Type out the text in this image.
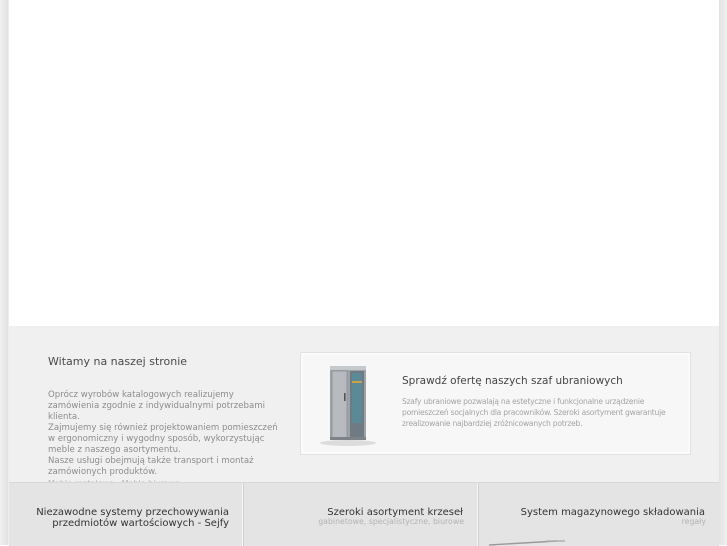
Witamy na naszej stronie

Oprócz wyrobów katalogowych realizujemy zamówienia zgodnie z indywidualnymi potrzebami klienta.

Zajmujemy się również projektowaniem pomieszczeń w ergonomiczny i wygodny sposób, wykorzystując meble z naszego asortymentu.

Nasze usługi obejmują także transport i montaż zamówionych produktów.

Sprawdź ofertę naszych szaf ubraniowych
Szafy ubraniowe pozwalają na estetyczne i funkcjonalne urządzenie pomieszczeń socjalnych dla pracowników. Szeroki asortyment gwarantuje zrealizowanie najbardziej zróżnicowanych potrzeb.
Niezawodne systemy przechowywania
przedmiotów wartościowych - Sejfy
Szeroki asortyment krzeseł
gabinetowe, specjalistyczne, biurowe
System magazynowego składowania
regały
